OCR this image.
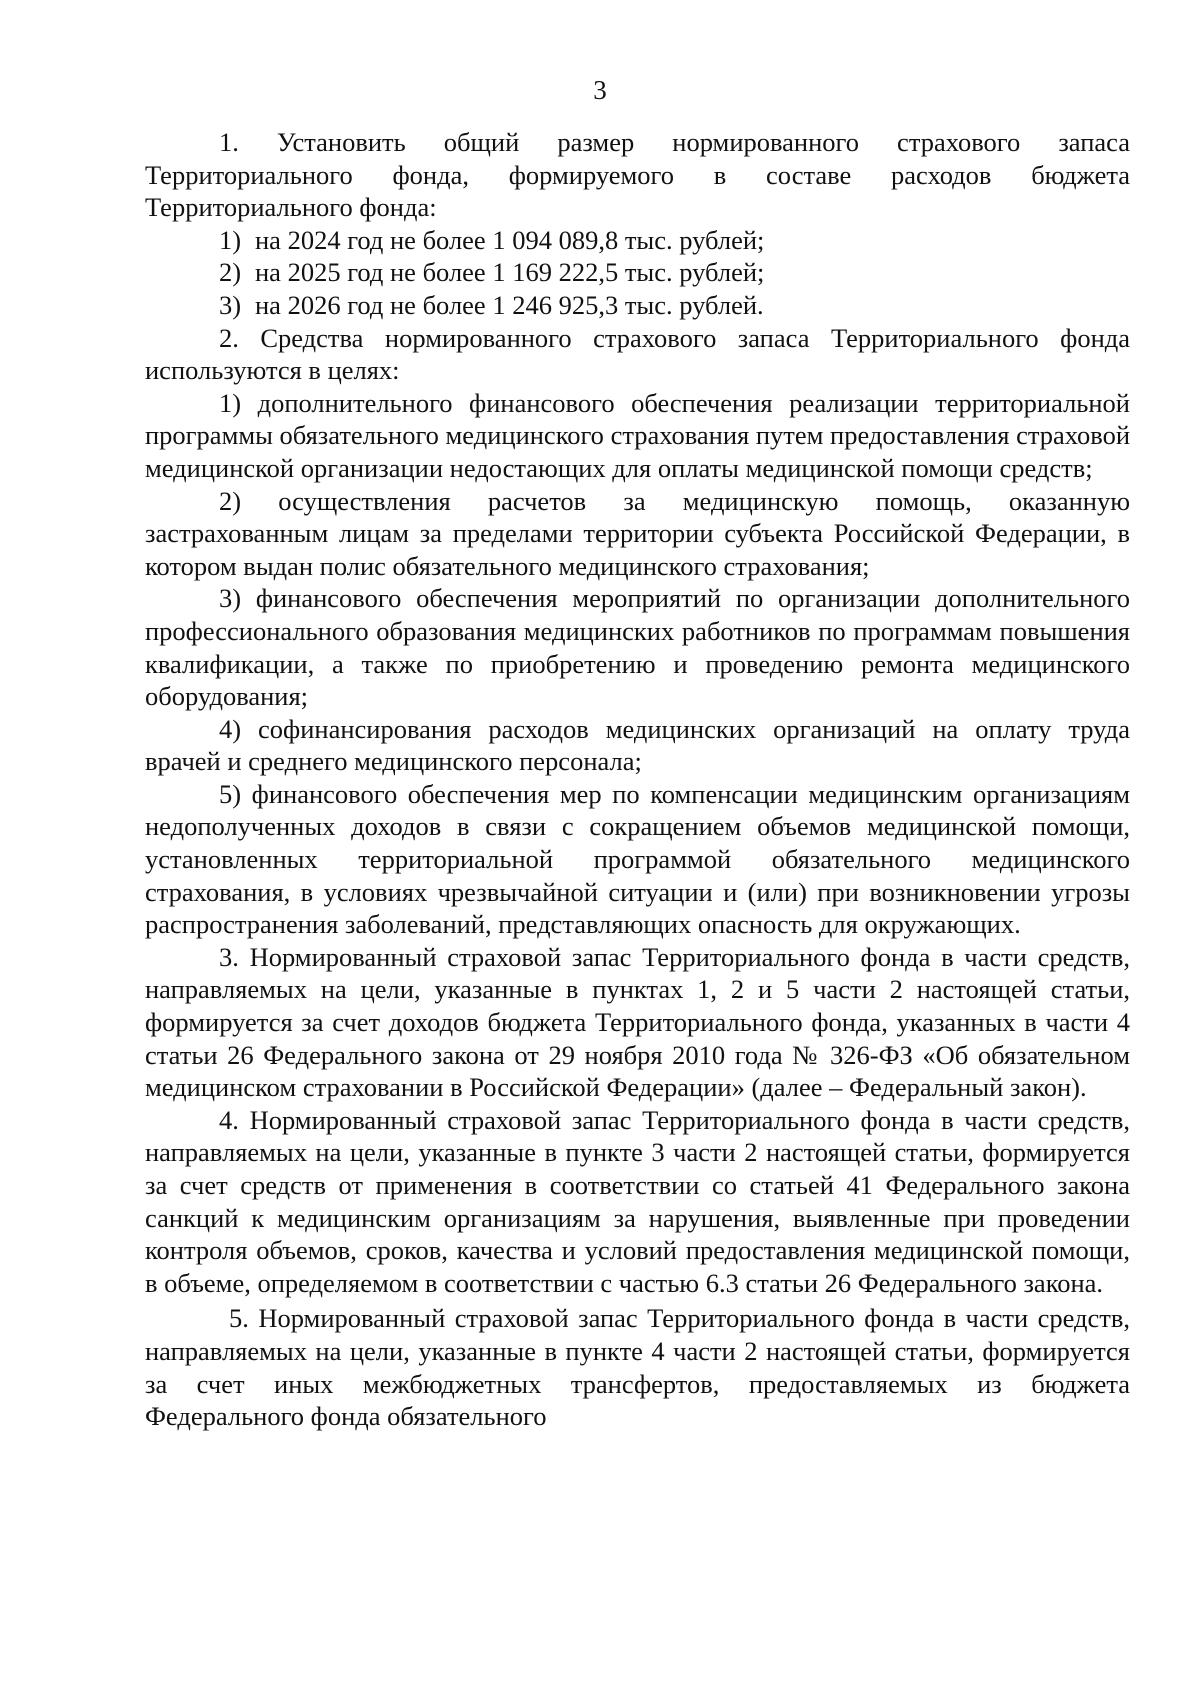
3

1. Установить общий размер нормированного страхового запаса Территориального фонда, формируемого в составе расходов бюджета Территориального фонда:

1) на 2024 год не более 1 094 089,8 тыс. рублей;

2) на 2025 год не более 1 169 222,5 тыс. рублей;

3) на 2026 год не более 1 246 925,3 тыс. рублей.

2. Средства нормированного страхового запаса Территориального фонда используются в целях:

1) дополнительного финансового обеспечения реализации территориальной программы обязательного медицинского страхования путем предоставления страховой медицинской организации недостающих для оплаты медицинской помощи средств;

2) осуществления расчетов за медицинскую помощь, оказанную застрахованным лицам за пределами территории субъекта Российской Федерации, в котором выдан полис обязательного медицинского страхования;

3) финансового обеспечения мероприятий по организации дополнительного профессионального образования медицинских работников по программам повышения квалификации, а также по приобретению и проведению ремонта медицинского оборудования;

4) софинансирования расходов медицинских организаций на оплату труда врачей и среднего медицинского персонала;

5) финансового обеспечения мер по компенсации медицинским организациям недополученных доходов в связи с сокращением объемов медицинской помощи, установленных территориальной программой обязательного медицинского страхования, в условиях чрезвычайной ситуации и (или) при возникновении угрозы распространения заболеваний, представляющих опасность для окружающих.

3. Нормированный страховой запас Территориального фонда в части средств, направляемых на цели, указанные в пунктах 1, 2 и 5 части 2 настоящей статьи, формируется за счет доходов бюджета Территориального фонда, указанных в части 4 статьи 26 Федерального закона от 29 ноября 2010 года № 326-ФЗ «Об обязательном медицинском страховании в Российской Федерации» (далее – Федеральный закон).

4. Нормированный страховой запас Территориального фонда в части средств, направляемых на цели, указанные в пункте 3 части 2 настоящей статьи, формируется за счет средств от применения в соответствии со статьей 41 Федерального закона санкций к медицинским организациям за нарушения, выявленные при проведении контроля объемов, сроков, качества и условий предоставления медицинской помощи, в объеме, определяемом в соответствии с частью 6.3 статьи 26 Федерального закона.

5. Нормированный страховой запас Территориального фонда в части средств, направляемых на цели, указанные в пункте 4 части 2 настоящей статьи, формируется за счет иных межбюджетных трансфертов, предоставляемых из бюджета Федерального фонда обязательного
